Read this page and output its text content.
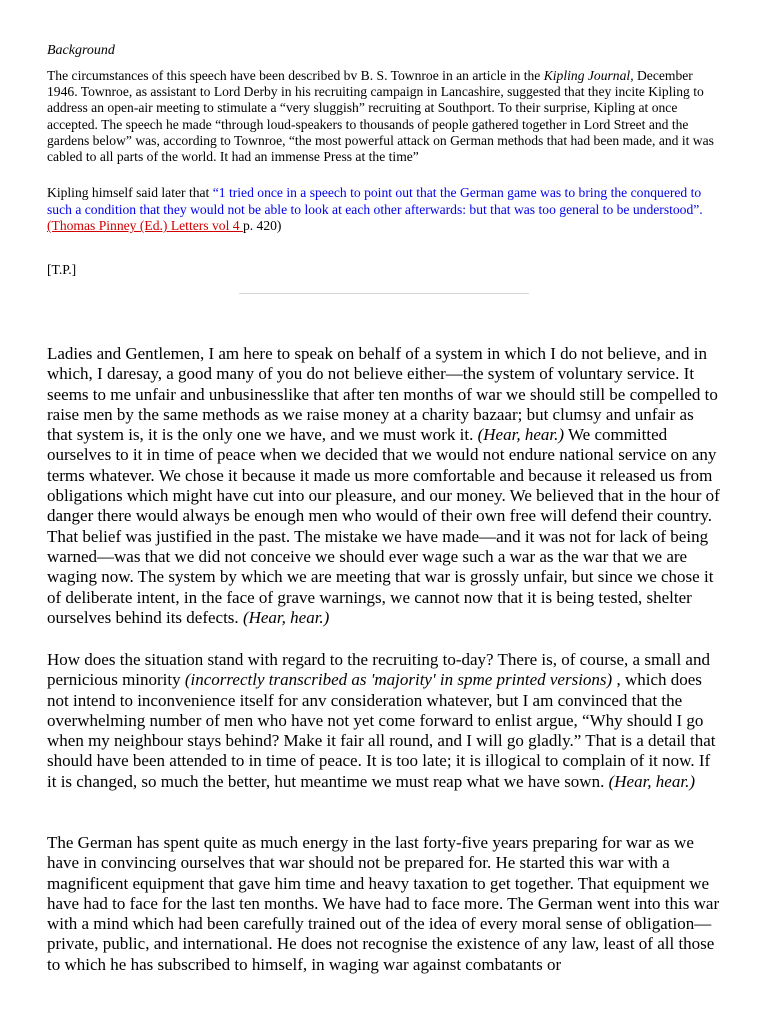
Background
The circumstances of this speech have been described bv B. S. Townroe in an article in the Kipling Journal, December 1946. Townroe, as assistant to Lord Derby in his recruiting campaign in Lancashire, suggested that they incite Kipling to address an open-air meeting to stimulate a “very sluggish” recruiting at Southport. To their surprise, Kipling at once accepted. The speech he made “through loud-speakers to thousands of people gathered together in Lord Street and the gardens below” was, according to Townroe, “the most powerful attack on German methods that had been made, and it was cabled to all parts of the world. It had an immense Press at the time”
Kipling himself said later that “1 tried once in a speech to point out that the German game was to bring the conquered to such a condition that they would not be able to look at each other afterwards: but that was too general to be understood”.
(Thomas Pinney (Ed.) Letters vol 4 p. 420)
[T.P.]

Ladies and Gentlemen, I am here to speak on behalf of a system in which I do not believe, and in which, I daresay, a good many of you do not believe either—the system of voluntary service. It seems to me unfair and unbusinesslike that after ten months of war we should still be compelled to raise men by the same methods as we raise money at a charity bazaar; but clumsy and unfair as that system is, it is the only one we have, and we must work it. (Hear, hear.) We committed ourselves to it in time of peace when we decided that we would not endure national service on any terms whatever. We chose it because it made us more comfortable and because it released us from obligations which might have cut into our pleasure, and our money. We believed that in the hour of danger there would always be enough men who would of their own free will defend their country. That belief was justified in the past. The mistake we have made—and it was not for lack of being warned—was that we did not conceive we should ever wage such a war as the war that we are waging now. The system by which we are meeting that war is grossly unfair, but since we chose it of deliberate intent, in the face of grave warnings, we cannot now that it is being tested, shelter ourselves behind its defects. (Hear, hear.)

How does the situation stand with regard to the recruiting to-day? There is, of course, a small and pernicious minority (incorrectly transcribed as 'majority' in spme printed versions) , which does not intend to inconvenience itself for anv consideration whatever, but I am convinced that the overwhelming number of men who have not yet come forward to enlist argue, “Why should I go when my neighbour stays behind? Make it fair all round, and I will go gladly.” That is a detail that should have been attended to in time of peace. It is too late; it is illogical to complain of it now. If it is changed, so much the better, hut meantime we must reap what we have sown. (Hear, hear.)

The German has spent quite as much energy in the last forty-five years preparing for war as we have in convincing ourselves that war should not be prepared for. He started this war with a magnificent equipment that gave him time and heavy taxation to get together. That equipment we have had to face for the last ten months. We have had to face more. The German went into this war with a mind which had been carefully trained out of the idea of every moral sense of obligation—private, public, and international. He does not recognise the existence of any law, least of all those to which he has subscribed to himself, in waging war against combatants or
